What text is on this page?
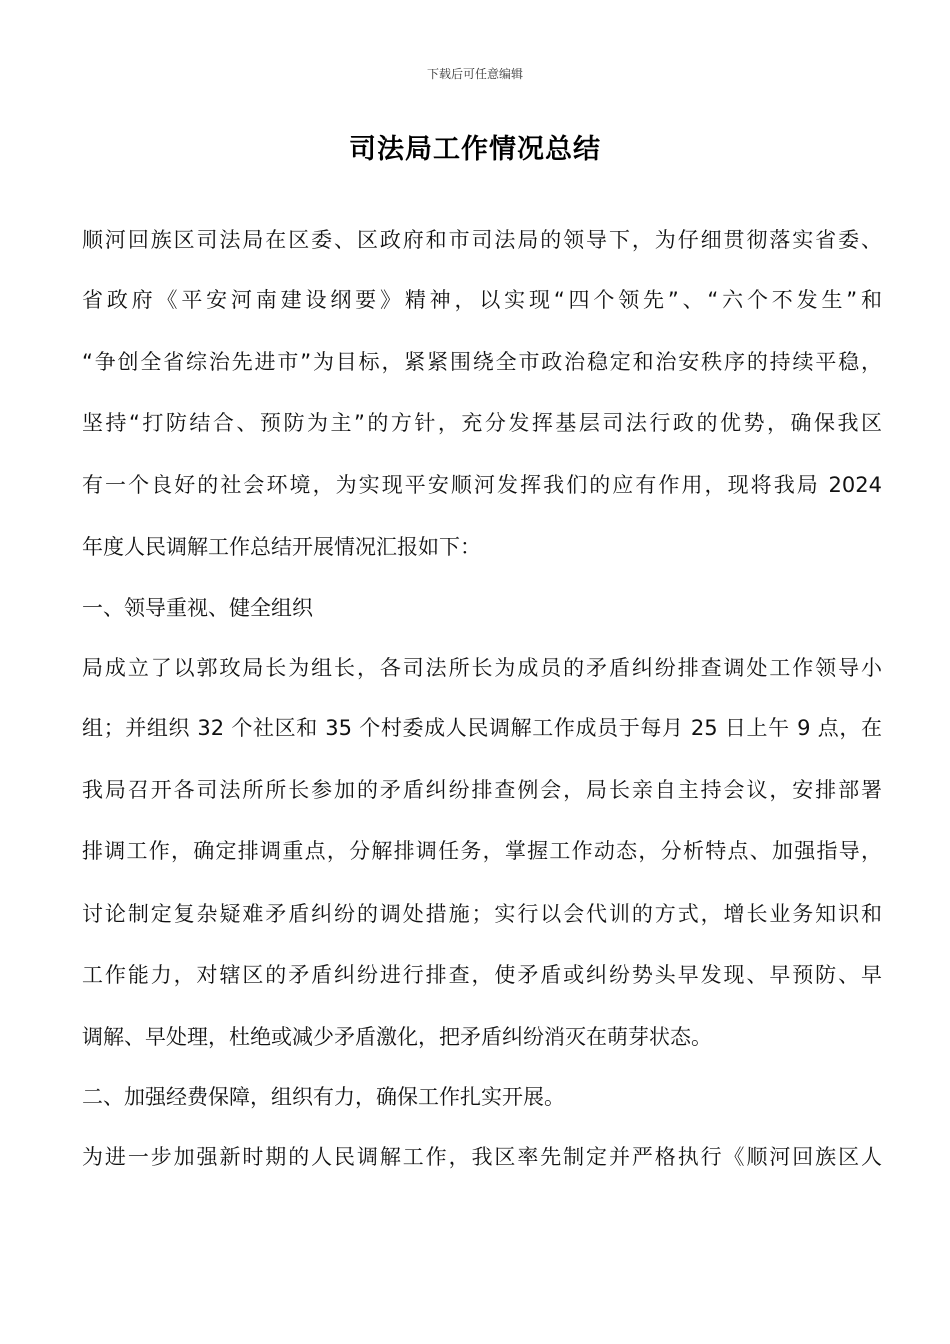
下载后可任意编辑
司法局工作情况总结
顺河回族区司法局在区委、区政府和市司法局的领导下，为仔细贯彻落实省委、
省政府《平安河南建设纲要》精神，以实现“四个领先”、“六个不发生”和
“争创全省综治先进市”为目标，紧紧围绕全市政治稳定和治安秩序的持续平稳，
坚持“打防结合、预防为主”的方针，充分发挥基层司法行政的优势，确保我区
有一个良好的社会环境，为实现平安顺河发挥我们的应有作用，现将我局 2024
年度人民调解工作总结开展情况汇报如下：
一、领导重视、健全组织
局成立了以郭玫局长为组长，各司法所长为成员的矛盾纠纷排查调处工作领导小
组；并组织 32 个社区和 35 个村委成人民调解工作成员于每月 25 日上午 9 点，在
我局召开各司法所所长参加的矛盾纠纷排查例会，局长亲自主持会议，安排部署
排调工作，确定排调重点，分解排调任务，掌握工作动态，分析特点、加强指导，
讨论制定复杂疑难矛盾纠纷的调处措施；实行以会代训的方式，增长业务知识和
工作能力，对辖区的矛盾纠纷进行排查，使矛盾或纠纷势头早发现、早预防、早
调解、早处理，杜绝或减少矛盾激化，把矛盾纠纷消灭在萌芽状态。
二、加强经费保障，组织有力，确保工作扎实开展。
为进一步加强新时期的人民调解工作，我区率先制定并严格执行《顺河回族区人
